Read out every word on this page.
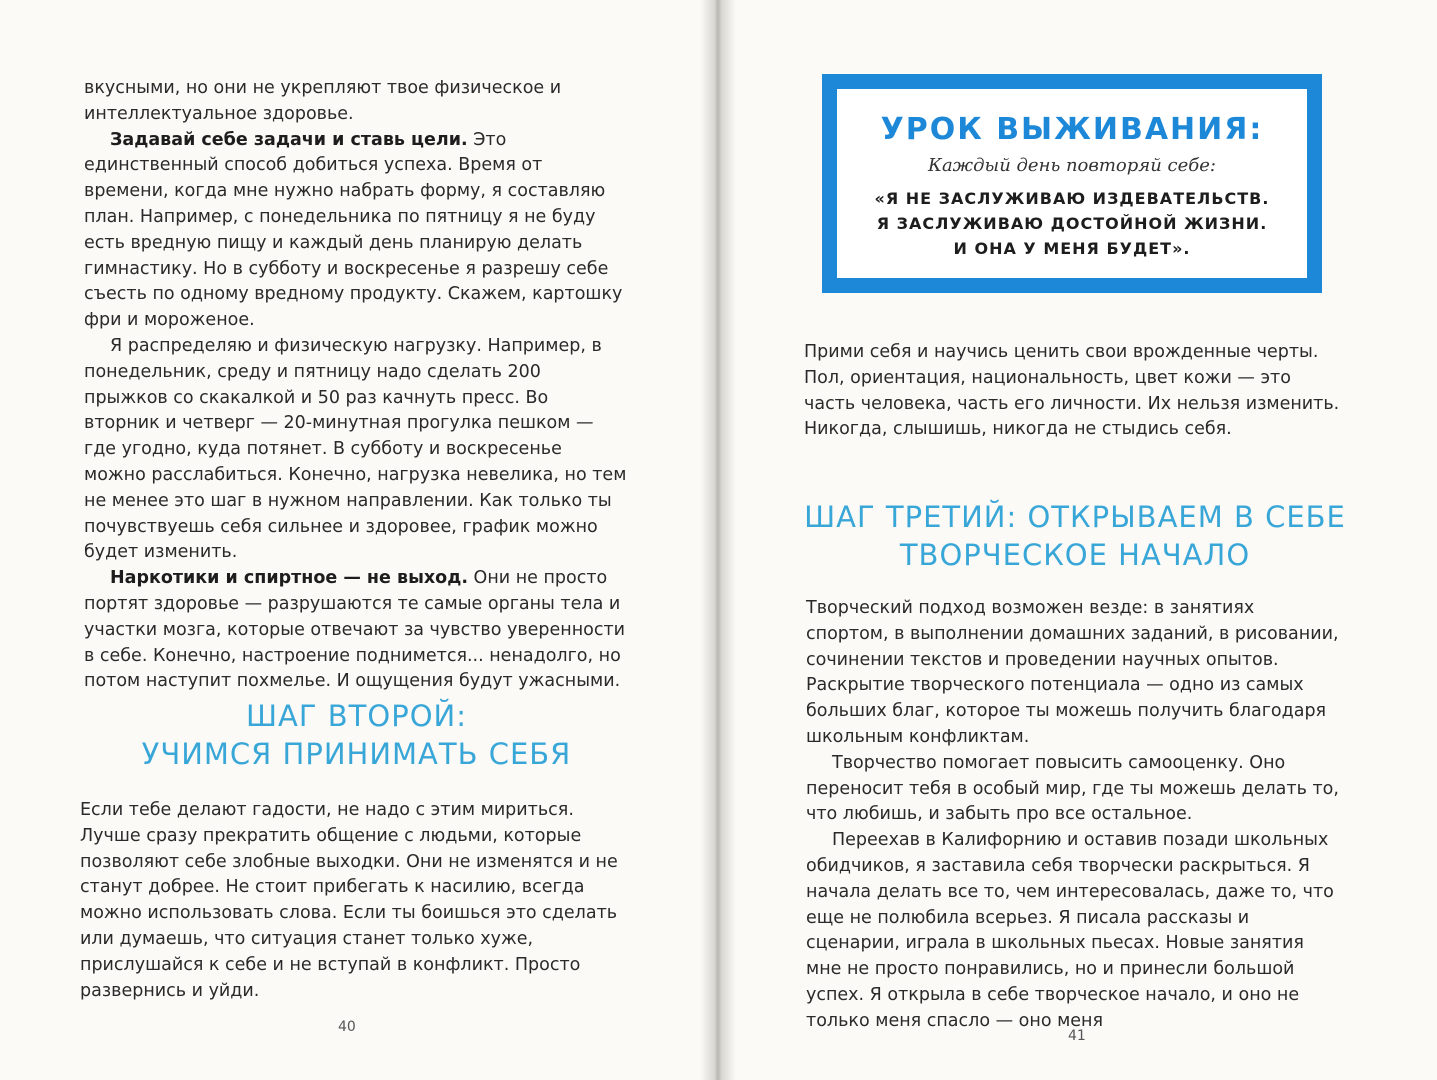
вкусными, но они не укрепляют твое физическое и интеллектуальное здоровье.

Задавай себе задачи и ставь цели. Это единственный способ добиться успеха. Время от времени, когда мне нужно набрать форму, я составляю план. Например, с понедельника по пятницу я не буду есть вредную пищу и каждый день планирую делать гимнастику. Но в субботу и воскресенье я разрешу себе съесть по одному вредному продукту. Скажем, картошку фри и мороженое.

Я распределяю и физическую нагрузку. Например, в понедельник, среду и пятницу надо сделать 200 прыжков со скакалкой и 50 раз качнуть пресс. Во вторник и четверг — 20-минутная прогулка пешком — где угодно, куда потянет. В субботу и воскресенье можно расслабиться. Конечно, нагрузка невелика, но тем не менее это шаг в нужном направлении. Как только ты почувствуешь себя сильнее и здоровее, график можно будет изменить.

Наркотики и спиртное — не выход. Они не просто портят здоровье — разрушаются те самые органы тела и участки мозга, которые отвечают за чувство уверенности в себе. Конечно, настроение поднимется... ненадолго, но потом наступит похмелье. И ощущения будут ужасными.

ШАГ ВТОРОЙ:
УЧИМСЯ ПРИНИМАТЬ СЕБЯ

Если тебе делают гадости, не надо с этим мириться. Лучше сразу прекратить общение с людьми, которые позволяют себе злобные выходки. Они не изменятся и не станут добрее. Не стоит прибегать к насилию, всегда можно использовать слова. Если ты боишься это сделать или думаешь, что ситуация станет только хуже, прислушайся к себе и не вступай в конфликт. Просто развернись и уйди.

40
УРОК ВЫЖИВАНИЯ:
Каждый день повторяй себе:
«Я НЕ ЗАСЛУЖИВАЮ ИЗДЕВАТЕЛЬСТВ.
Я ЗАСЛУЖИВАЮ ДОСТОЙНОЙ ЖИЗНИ.
И ОНА У МЕНЯ БУДЕТ».

Прими себя и научись ценить свои врожденные черты. Пол, ориентация, национальность, цвет кожи — это часть человека, часть его личности. Их нельзя изменить. Никогда, слышишь, никогда не стыдись себя.

ШАГ ТРЕТИЙ: ОТКРЫВАЕМ В СЕБЕ
ТВОРЧЕСКОЕ НАЧАЛО

Творческий подход возможен везде: в занятиях спортом, в выполнении домашних заданий, в рисовании, сочинении текстов и проведении научных опытов. Раскрытие творческого потенциала — одно из самых больших благ, которое ты можешь получить благодаря школьным конфликтам.

Творчество помогает повысить самооценку. Оно переносит тебя в особый мир, где ты можешь делать то, что любишь, и забыть про все остальное.

Переехав в Калифорнию и оставив позади школьных обидчиков, я заставила себя творчески раскрыться. Я начала делать все то, чем интересовалась, даже то, что еще не полюбила всерьез. Я писала рассказы и сценарии, играла в школьных пьесах. Новые занятия мне не просто понравились, но и принесли большой успех. Я открыла в себе творческое начало, и оно не только меня спасло — оно меня

41
